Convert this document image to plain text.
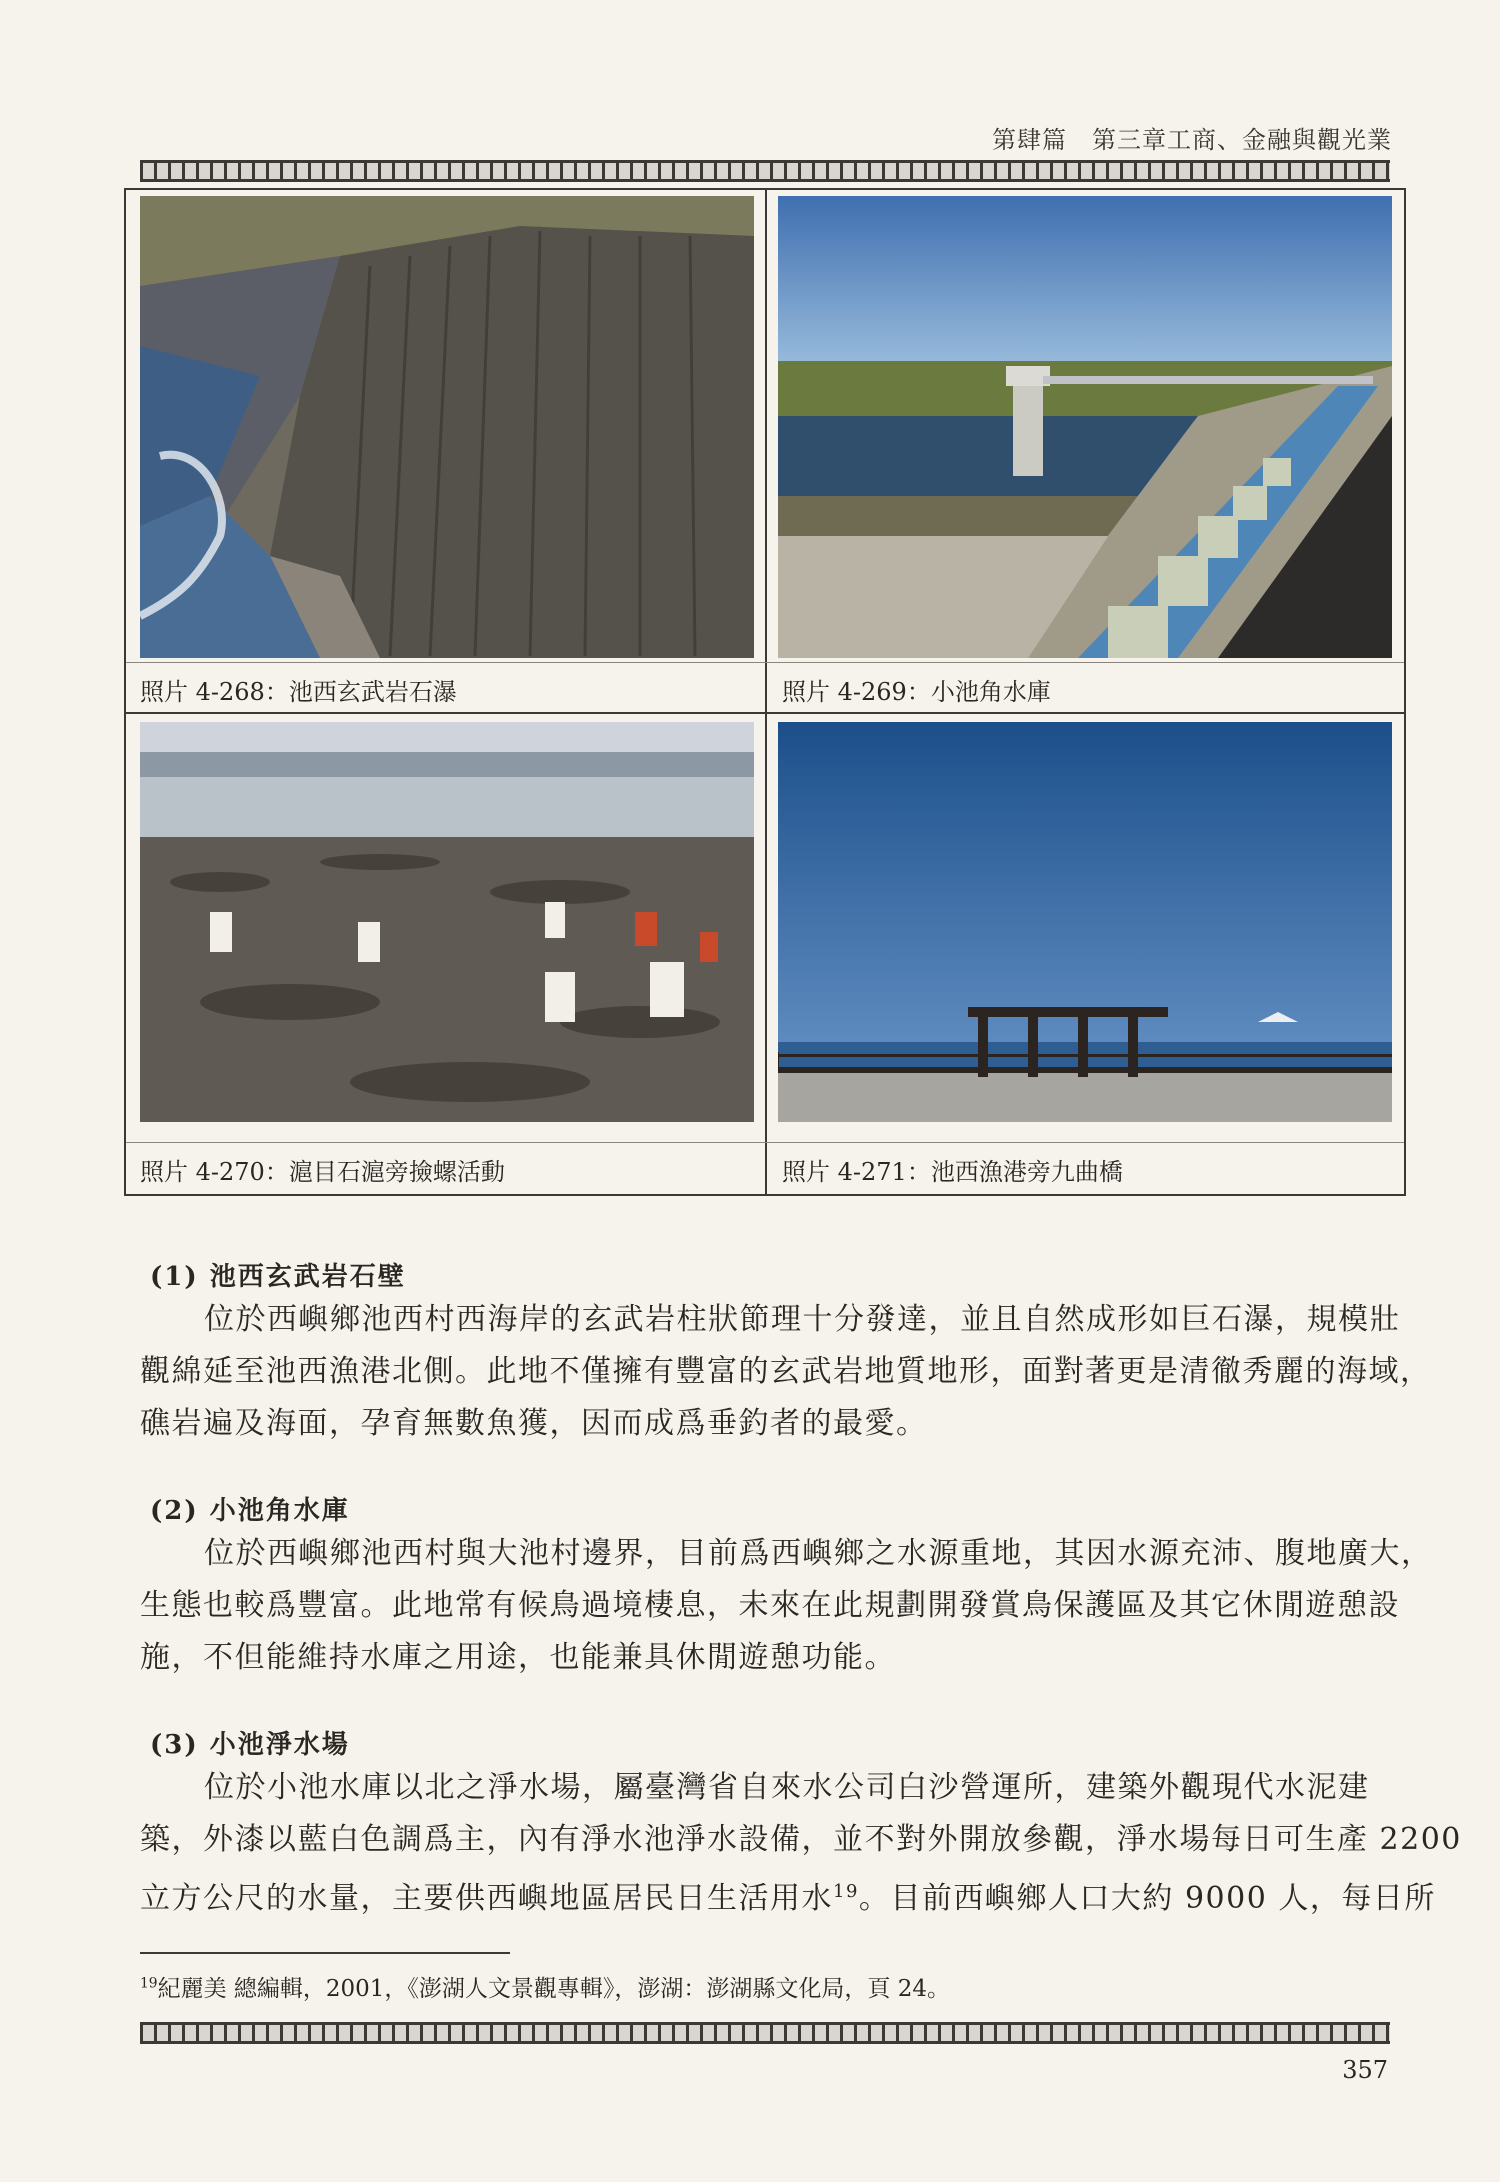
第肆篇　第三章工商、金融與觀光業
照片 4-268：池西玄武岩石瀑	照片 4-269：小池角水庫
照片 4-270：滬目石滬旁撿螺活動	照片 4-271：池西漁港旁九曲橋
(1) 池西玄武岩石壁
位於西嶼鄉池西村西海岸的玄武岩柱狀節理十分發達，並且自然成形如巨石瀑，規模壯
觀綿延至池西漁港北側。此地不僅擁有豐富的玄武岩地質地形，面對著更是清徹秀麗的海域，
礁岩遍及海面，孕育無數魚獲，因而成爲垂釣者的最愛。
(2) 小池角水庫
位於西嶼鄉池西村與大池村邊界，目前爲西嶼鄉之水源重地，其因水源充沛、腹地廣大，
生態也較爲豐富。此地常有候鳥過境棲息，未來在此規劃開發賞鳥保護區及其它休閒遊憩設
施，不但能維持水庫之用途，也能兼具休閒遊憩功能。
(3) 小池淨水場
位於小池水庫以北之淨水場，屬臺灣省自來水公司白沙營運所，建築外觀現代水泥建
築，外漆以藍白色調爲主，內有淨水池淨水設備，並不對外開放參觀，淨水場每日可生產 2200
立方公尺的水量，主要供西嶼地區居民日生活用水$^{19}$。目前西嶼鄉人口大約 9000 人，每日所
$^{19}$紀麗美 總編輯，2001，《澎湖人文景觀專輯》，澎湖：澎湖縣文化局，頁 24。
357
